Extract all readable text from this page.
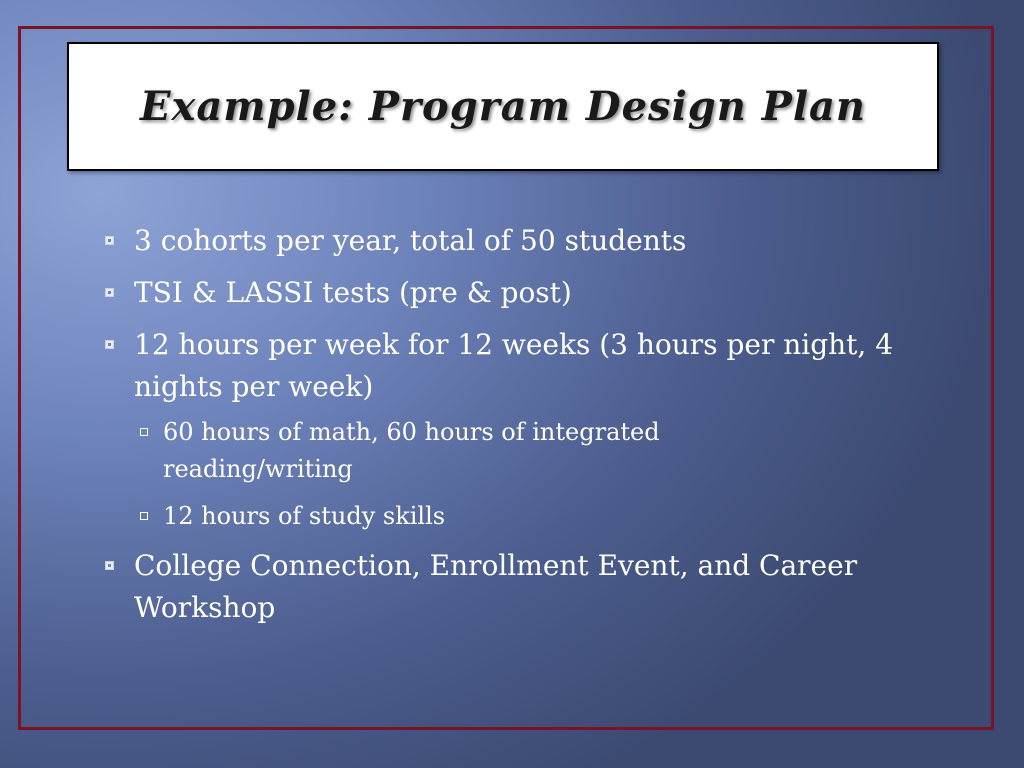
Example: Program Design Plan
3 cohorts per year, total of 50 students
TSI & LASSI tests (pre & post)
12 hours per week for 12 weeks (3 hours per night, 4 nights per week)
60 hours of math, 60 hours of integrated reading/writing
12 hours of study skills
College Connection, Enrollment Event, and Career Workshop
